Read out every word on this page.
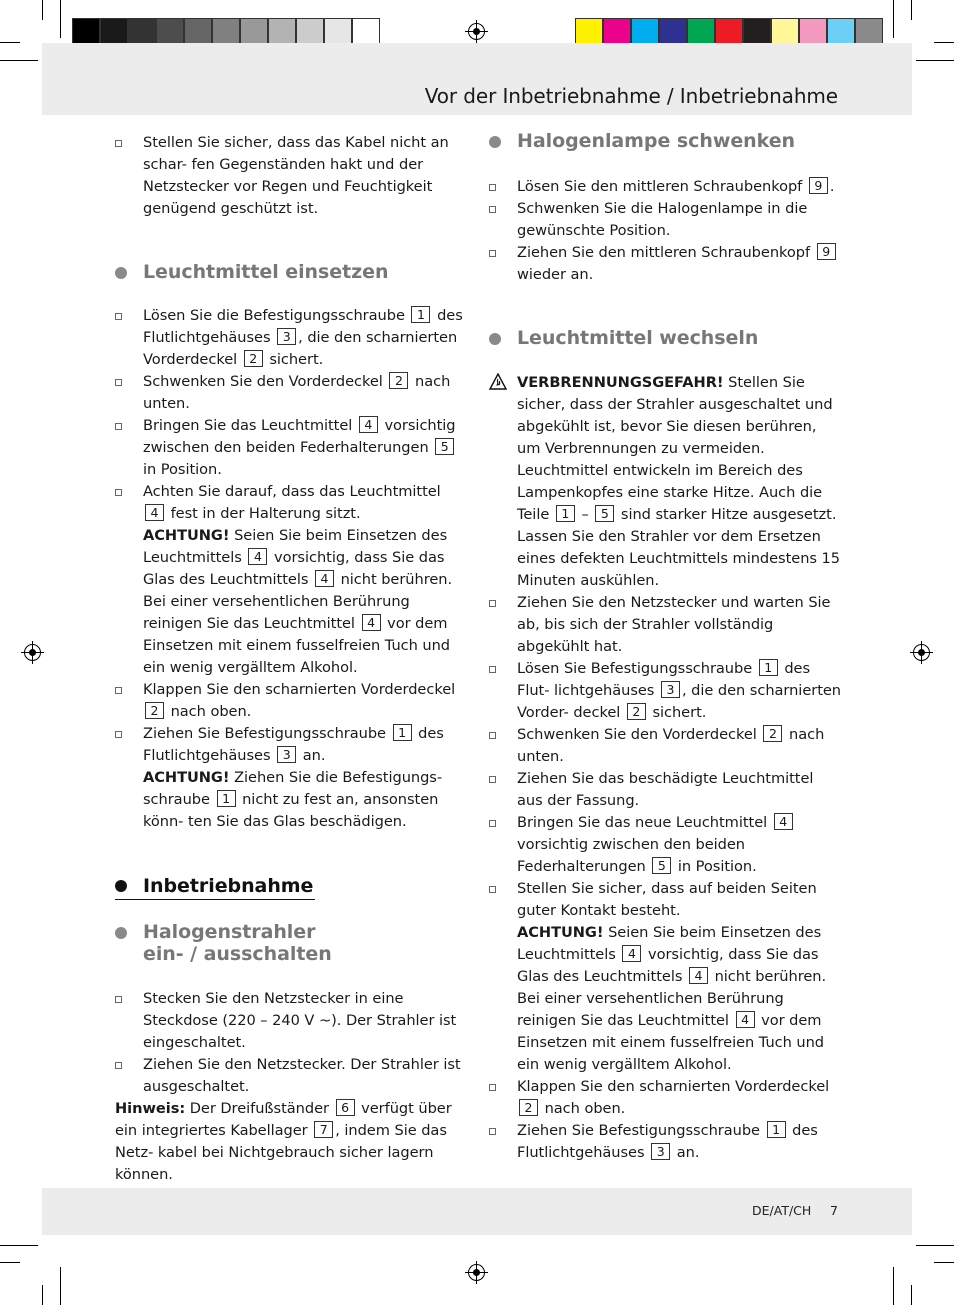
Vor der Inbetriebnahme / Inbetriebnahme
Stellen Sie sicher, dass das Kabel nicht an schar- fen Gegenständen hakt und der Netzstecker vor Regen und Feuchtigkeit genügend geschützt ist.
Leuchtmittel einsetzen
Lösen Sie die Befestigungsschraube 1 des Flutlichtgehäuses 3 , die den scharnierten Vorderdeckel 2 sichert.
Schwenken Sie den Vorderdeckel 2 nach unten.
Bringen Sie das Leuchtmittel 4 vorsichtig zwischen den beiden Federhalterungen 5 in Position.
Achten Sie darauf, dass das Leuchtmittel 4 fest in der Halterung sitzt.
ACHTUNG! Seien Sie beim Einsetzen des Leuchtmittels 4 vorsichtig, dass Sie das Glas des Leuchtmittels 4 nicht berühren. Bei einer versehentlichen Berührung reinigen Sie das Leuchtmittel 4 vor dem Einsetzen mit einem fusselfreien Tuch und ein wenig vergälltem Alkohol.
Klappen Sie den scharnierten Vorderdeckel 2 nach oben.
Ziehen Sie Befestigungsschraube 1 des Flutlichtgehäuses 3 an.
ACHTUNG! Ziehen Sie die Befestigungs- schraube 1 nicht zu fest an, ansonsten könn- ten Sie das Glas beschädigen.
Inbetriebnahme
Halogenstrahler
ein- / ausschalten
Stecken Sie den Netzstecker in eine Steckdose (220 – 240 V ∼). Der Strahler ist eingeschaltet.
Ziehen Sie den Netzstecker. Der Strahler ist ausgeschaltet.
Hinweis: Der Dreifußständer 6 verfügt über ein integriertes Kabellager 7 , indem Sie das Netz- kabel bei Nichtgebrauch sicher lagern können.
Halogenlampe schwenken
Lösen Sie den mittleren Schraubenkopf 9 .
Schwenken Sie die Halogenlampe in die gewünschte Position.
Ziehen Sie den mittleren Schraubenkopf 9 wieder an.
Leuchtmittel wechseln
VERBRENNUNGSGEFAHR! Stellen Sie sicher, dass der Strahler ausgeschaltet und abgekühlt ist, bevor Sie diesen berühren, um Verbrennungen zu vermeiden. Leuchtmittel entwickeln im Bereich des Lampenkopfes eine starke Hitze. Auch die Teile 1 – 5 sind starker Hitze ausgesetzt. Lassen Sie den Strahler vor dem Ersetzen eines defekten Leuchtmittels mindestens 15 Minuten auskühlen.
Ziehen Sie den Netzstecker und warten Sie ab, bis sich der Strahler vollständig abgekühlt hat.
Lösen Sie Befestigungsschraube 1 des Flut- lichtgehäuses 3 , die den scharnierten Vorder- deckel 2 sichert.
Schwenken Sie den Vorderdeckel 2 nach unten.
Ziehen Sie das beschädigte Leuchtmittel aus der Fassung.
Bringen Sie das neue Leuchtmittel 4 vorsichtig zwischen den beiden Federhalterungen 5 in Position.
Stellen Sie sicher, dass auf beiden Seiten guter Kontakt besteht.
ACHTUNG! Seien Sie beim Einsetzen des Leuchtmittels 4 vorsichtig, dass Sie das Glas des Leuchtmittels 4 nicht berühren. Bei einer versehentlichen Berührung reinigen Sie das Leuchtmittel 4 vor dem Einsetzen mit einem fusselfreien Tuch und ein wenig vergälltem Alkohol.
Klappen Sie den scharnierten Vorderdeckel 2 nach oben.
Ziehen Sie Befestigungsschraube 1 des Flutlichtgehäuses 3 an.
DE/AT/CH 7
